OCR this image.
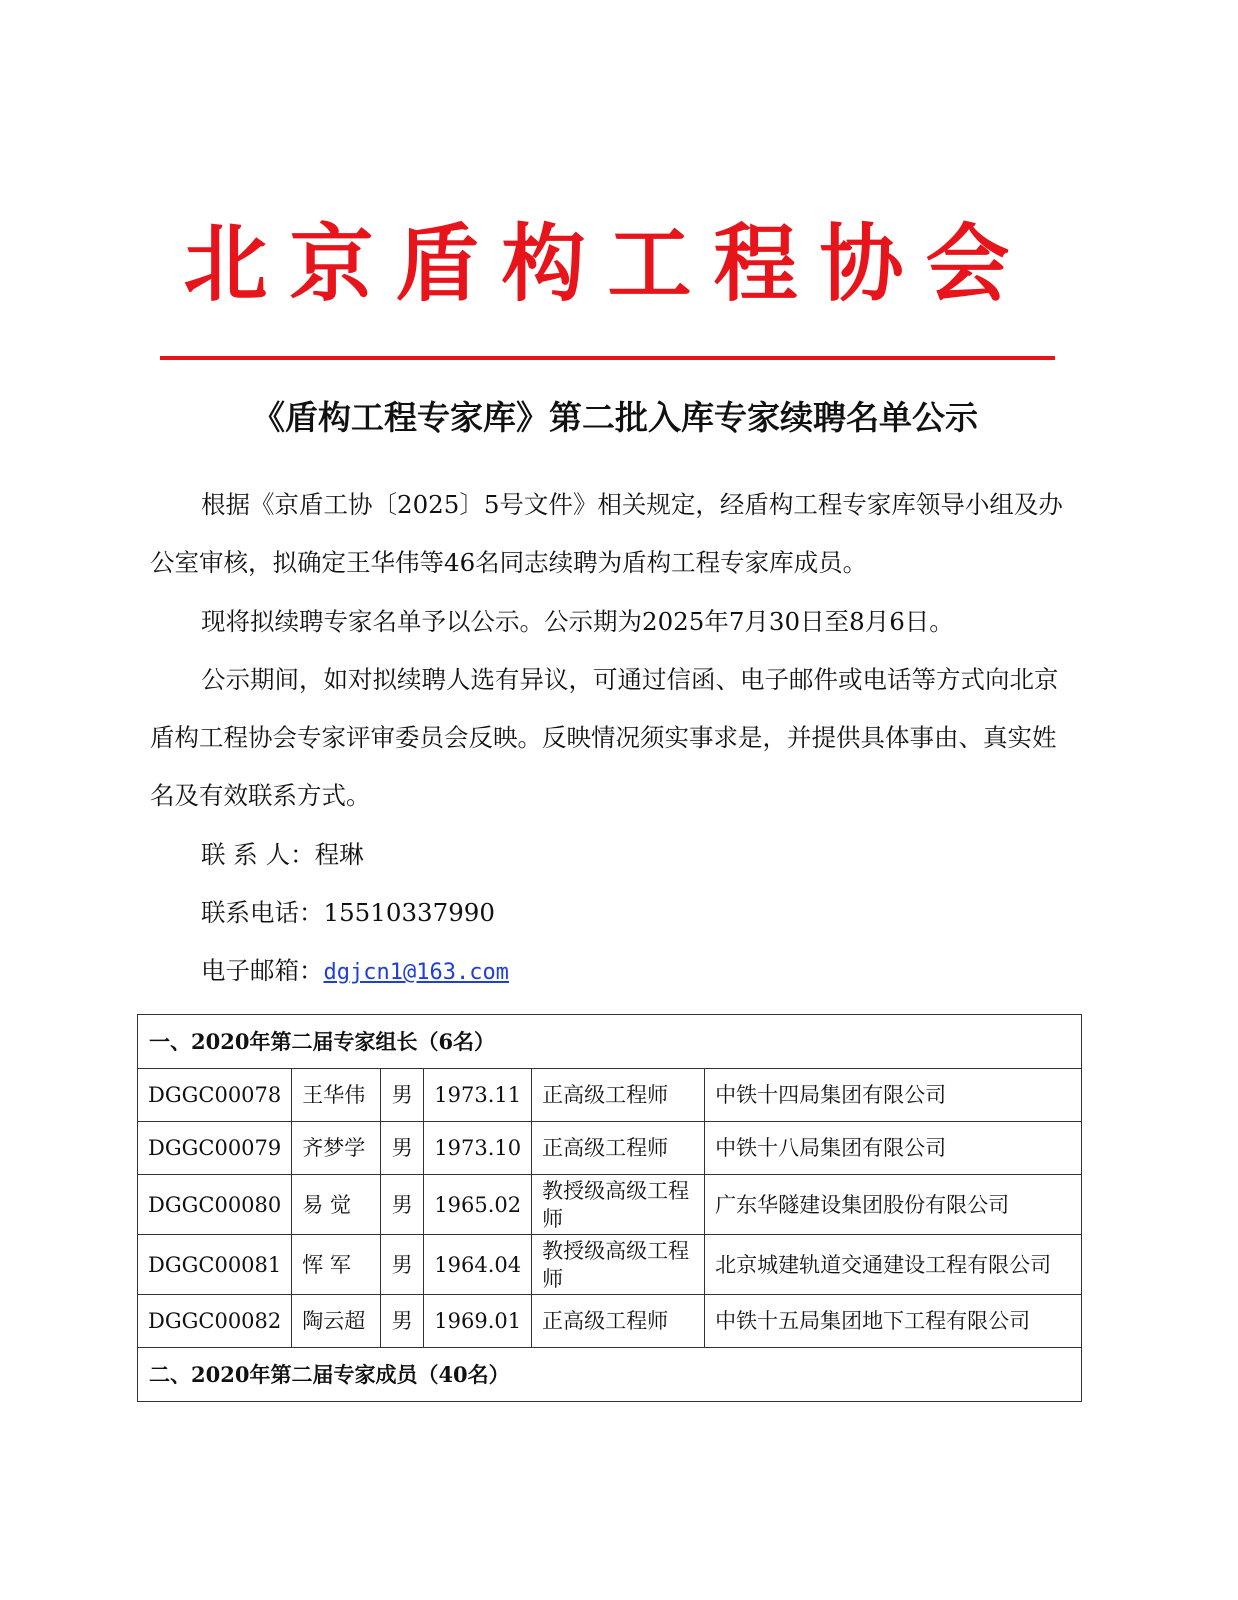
北京盾构工程协会
《盾构工程专家库》第二批入库专家续聘名单公示

根据《京盾工协〔2025〕5号文件》相关规定，经盾构工程专家库领导小组及办公室审核，拟确定王华伟等46名同志续聘为盾构工程专家库成员。

现将拟续聘专家名单予以公示。公示期为2025年7月30日至8月6日。

公示期间，如对拟续聘人选有异议，可通过信函、电子邮件或电话等方式向北京盾构工程协会专家评审委员会反映。反映情况须实事求是，并提供具体事由、真实姓名及有效联系方式。

联 系 人：程琳
联系电话：15510337990
电子邮箱：dgjcn1@163.com
一、2020年第二届专家组长（6名）					
DGGC00078	王华伟	男	1973.11	正高级工程师	中铁十四局集团有限公司
DGGC00079	齐梦学	男	1973.10	正高级工程师	中铁十八局集团有限公司
DGGC00080	易 觉	男	1965.02	教授级高级工程师	广东华隧建设集团股份有限公司
DGGC00081	恽 军	男	1964.04	教授级高级工程师	北京城建轨道交通建设工程有限公司
DGGC00082	陶云超	男	1969.01	正高级工程师	中铁十五局集团地下工程有限公司
二、2020年第二届专家成员（40名）					
